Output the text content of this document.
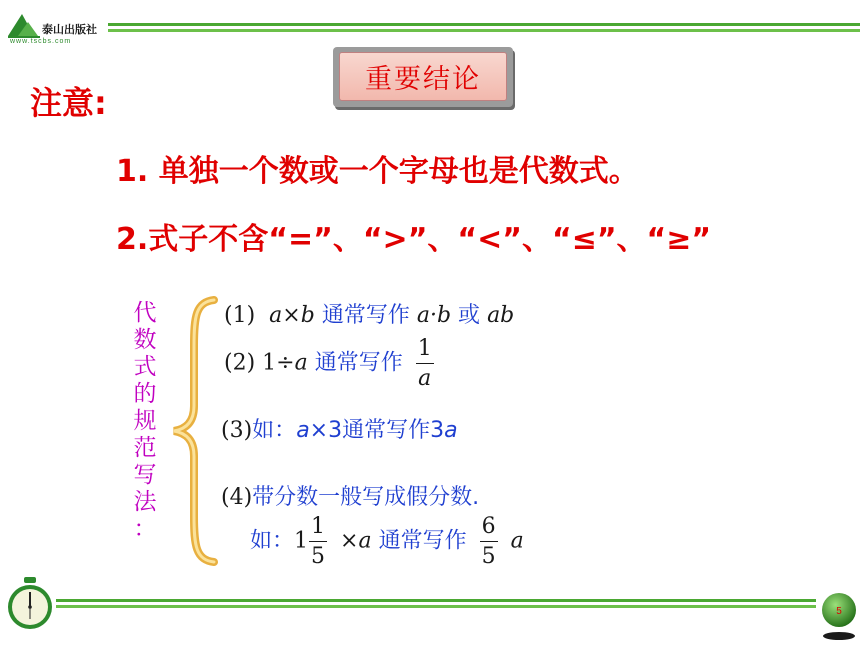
泰山出版社
www.tscbs.com
重要结论
注意:
1. 单独一个数或一个字母也是代数式。
2.式子不含“=”、“>”、“<”、“≤”、“≥”
代
数
式
的
规
范
写
法
：
(1) a×b 通常写作 a·b 或 ab
(2) 1÷a 通常写作 $\frac{1}{a}$
(3)如：a×3通常写作3a
(4)带分数一般写成假分数.
如：$1 \frac{1}{5} \times a$ 通常写作 $\frac{6}{5}$ a
5
